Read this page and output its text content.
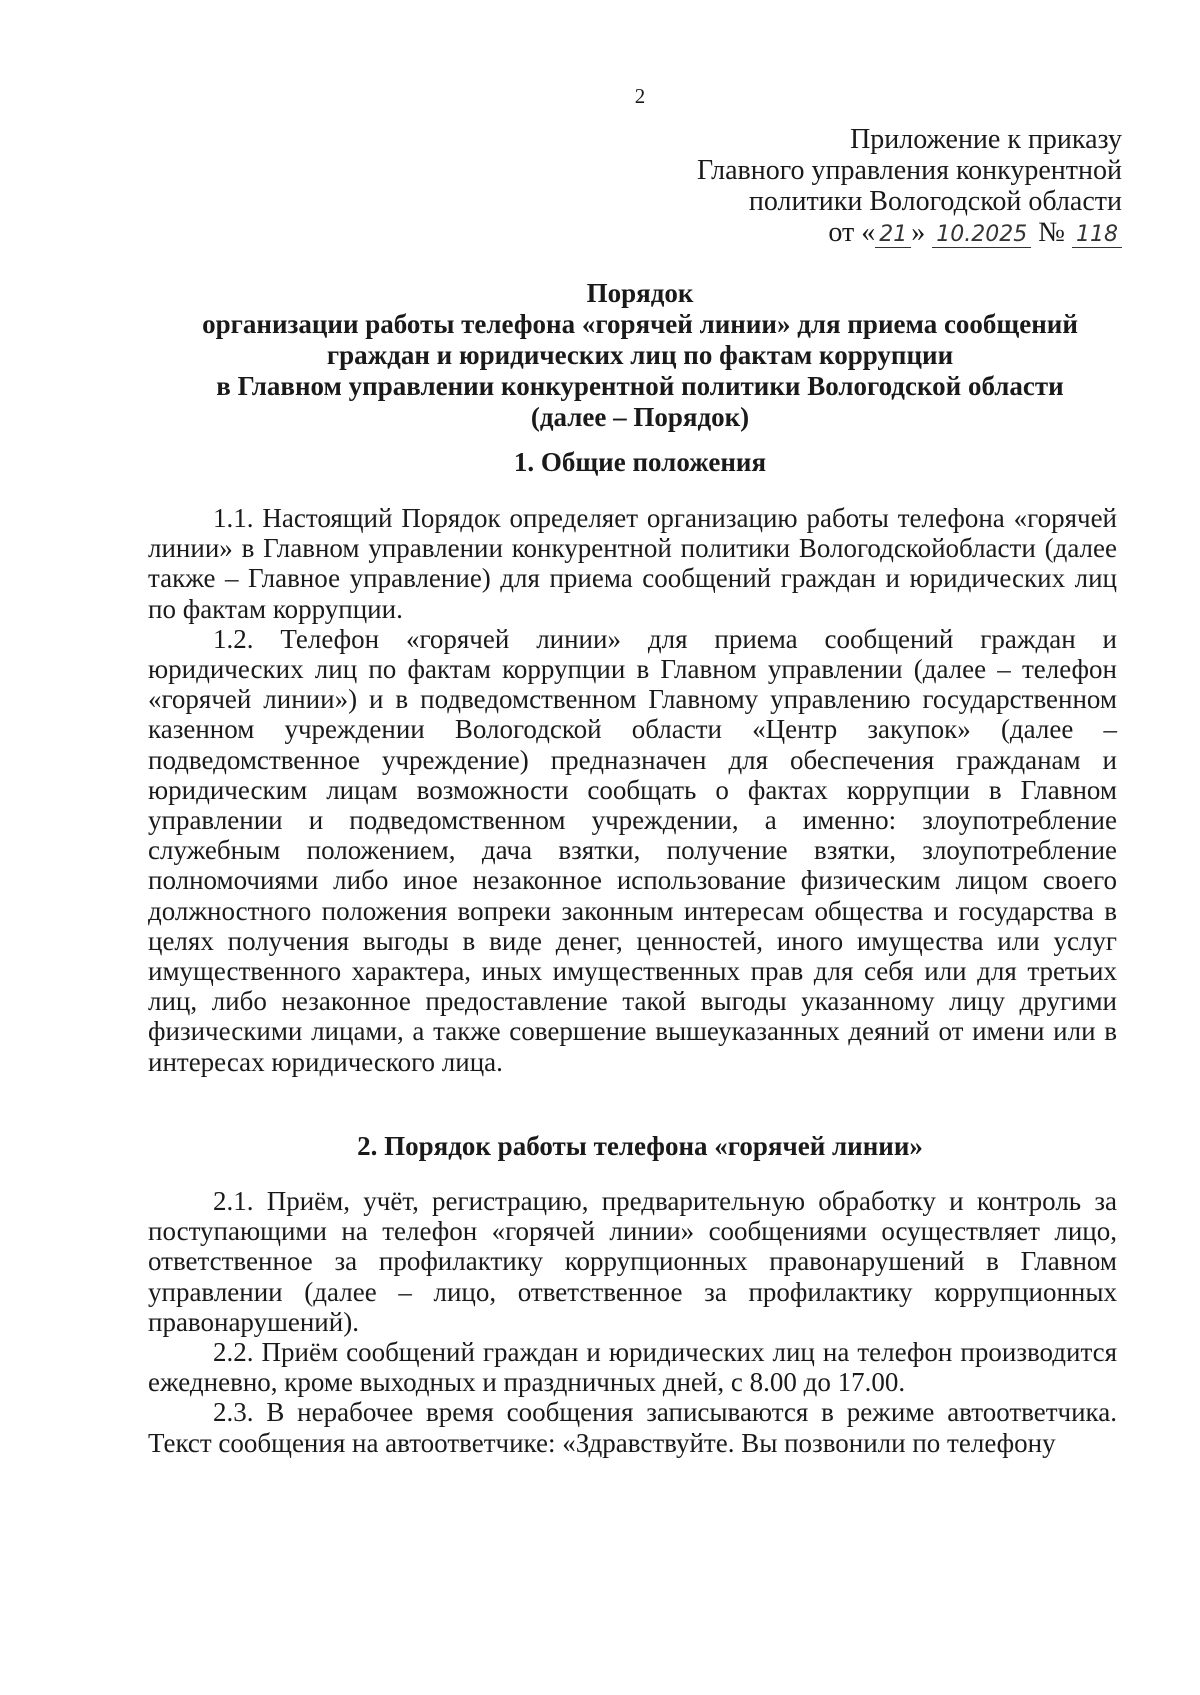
2
Приложение к приказу
Главного управления конкурентной
политики Вологодской области
от « 21 » 10.2025 № 118
Порядок
организации работы телефона «горячей линии» для приема сообщений
граждан и юридических лиц по фактам коррупции
в Главном управлении конкурентной политики Вологодской области
(далее – Порядок)
1. Общие положения

1.1. Настоящий Порядок определяет организацию работы телефона «горячей линии» в Главном управлении конкурентной политики Вологодскойобласти (далее также – Главное управление) для приема сообщений граждан и юридических лиц по фактам коррупции.

1.2. Телефон «горячей линии» для приема сообщений граждан и юридических лиц по фактам коррупции в Главном управлении (далее – телефон «горячей линии») и в подведомственном Главному управлению государственном казенном учреждении Вологодской области «Центр закупок» (далее – подведомственное учреждение) предназначен для обеспечения гражданам и юридическим лицам возможности сообщать о фактах коррупции в Главном управлении и подведомственном учреждении, а именно: злоупотребление служебным положением, дача взятки, получение взятки, злоупотребление полномочиями либо иное незаконное использование физическим лицом своего должностного положения вопреки законным интересам общества и государства в целях получения выгоды в виде денег, ценностей, иного имущества или услуг имущественного характера, иных имущественных прав для себя или для третьих лиц, либо незаконное предоставление такой выгоды указанному лицу другими физическими лицами, а также совершение вышеуказанных деяний от имени или в интересах юридического лица.

2. Порядок работы телефона «горячей линии»

2.1. Приём, учёт, регистрацию, предварительную обработку и контроль за поступающими на телефон «горячей линии» сообщениями осуществляет лицо, ответственное за профилактику коррупционных правонарушений в Главном управлении (далее – лицо, ответственное за профилактику коррупционных правонарушений).

2.2. Приём сообщений граждан и юридических лиц на телефон производится ежедневно, кроме выходных и праздничных дней, с 8.00 до 17.00.

2.3. В нерабочее время сообщения записываются в режиме автоответчика. Текст сообщения на автоответчике: «Здравствуйте. Вы позвонили по телефону
